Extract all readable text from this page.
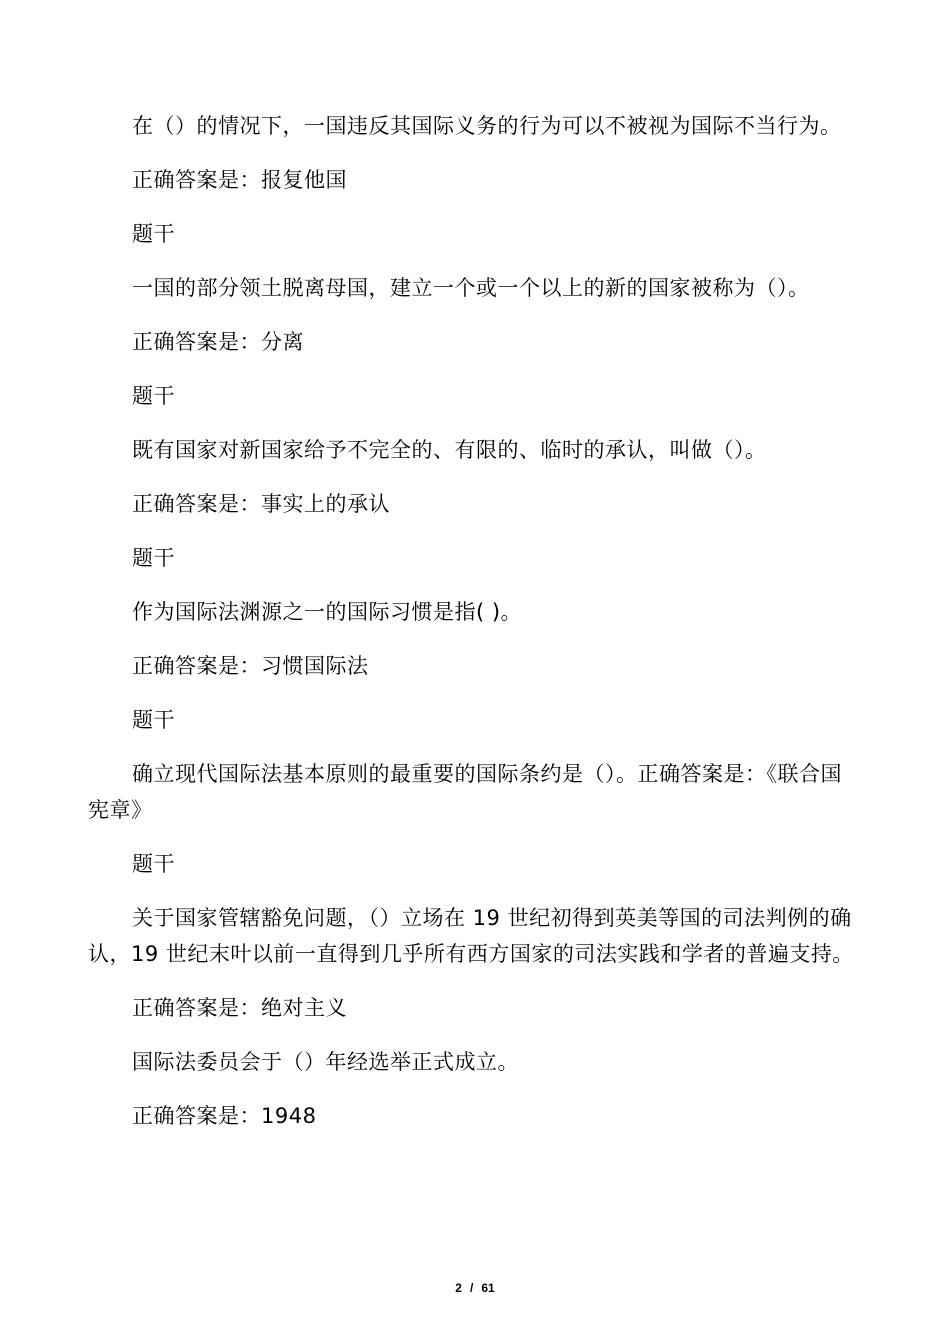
在（）的情况下，一国违反其国际义务的行为可以不被视为国际不当行为。

正确答案是：报复他国

题干

一国的部分领土脱离母国，建立一个或一个以上的新的国家被称为（）。

正确答案是：分离

题干

既有国家对新国家给予不完全的、有限的、临时的承认，叫做（）。

正确答案是：事实上的承认

题干

作为国际法渊源之一的国际习惯是指( )。

正确答案是：习惯国际法

题干

确立现代国际法基本原则的最重要的国际条约是（）。正确答案是：《联合国宪章》

题干

关于国家管辖豁免问题，（）立场在 19 世纪初得到英美等国的司法判例的确认，19 世纪末叶以前一直得到几乎所有西方国家的司法实践和学者的普遍支持。

正确答案是：绝对主义

国际法委员会于（）年经选举正式成立。

正确答案是：1948

2 / 61
